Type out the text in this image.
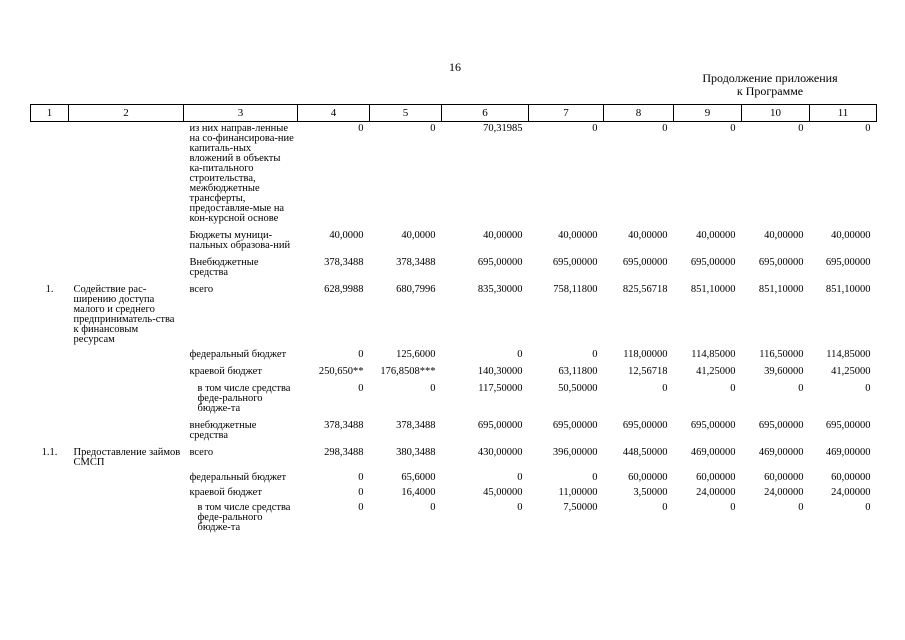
16
Продолжение приложения
к Программе
1	2	3	4	5	6	7	8	9	10	11
		из них направ-ленные на со-финансирова-ние капиталь-ных вложений в объекты ка-питального строительства, межбюджетные трансферты, предоставляе-мые на кон-курсной основе	0	0	70,31985	0	0	0	0	0
		Бюджеты муници-пальных образова-ний	40,0000	40,0000	40,00000	40,00000	40,00000	40,00000	40,00000	40,00000
		Внебюджетные средства	378,3488	378,3488	695,00000	695,00000	695,00000	695,00000	695,00000	695,00000
1.	Содействие рас-ширению доступа малого и среднего предприниматель-ства к финансовым ресурсам	всего	628,9988	680,7996	835,30000	758,11800	825,56718	851,10000	851,10000	851,10000
		федеральный бюджет	0	125,6000	0	0	118,00000	114,85000	116,50000	114,85000
		краевой бюджет	250,650**	176,8508***	140,30000	63,11800	12,56718	41,25000	39,60000	41,25000
		в том числе средства феде-рального бюдже-та	0	0	117,50000	50,50000	0	0	0	0
		внебюджетные средства	378,3488	378,3488	695,00000	695,00000	695,00000	695,00000	695,00000	695,00000
1.1.	Предоставление займов СМСП	всего	298,3488	380,3488	430,00000	396,00000	448,50000	469,00000	469,00000	469,00000
		федеральный бюджет	0	65,6000	0	0	60,00000	60,00000	60,00000	60,00000
		краевой бюджет	0	16,4000	45,00000	11,00000	3,50000	24,00000	24,00000	24,00000
		в том числе средства феде-рального бюдже-та	0	0	0	7,50000	0	0	0	0
